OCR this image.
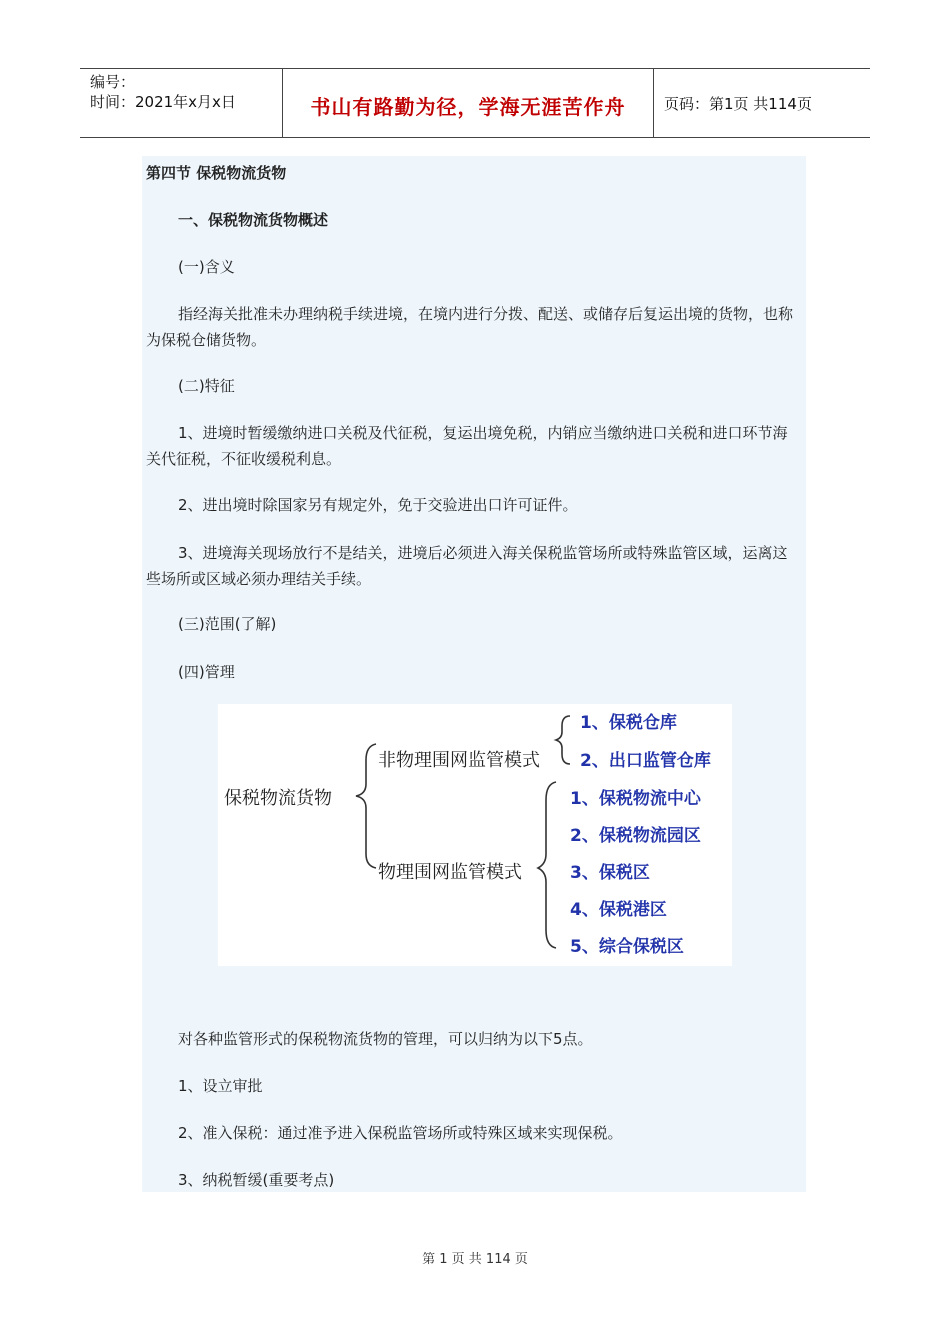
编号：
时间：2021年x月x日	书山有路勤为径，学海无涯苦作舟	页码：第1页 共114页
第四节 保税物流货物
一、保税物流货物概述
(一)含义
指经海关批准未办理纳税手续进境，在境内进行分拨、配送、或储存后复运出境的货物，也称为保税仓储货物。
(二)特征
1、进境时暂缓缴纳进口关税及代征税，复运出境免税，内销应当缴纳进口关税和进口环节海关代征税，不征收缓税利息。
2、进出境时除国家另有规定外，免于交验进出口许可证件。
3、进境海关现场放行不是结关，进境后必须进入海关保税监管场所或特殊监管区域，运离这些场所或区域必须办理结关手续。
(三)范围(了解)
(四)管理
保税物流货物
非物理围网监管模式
物理围网监管模式
1、保税仓库
2、出口监管仓库
1、保税物流中心
2、保税物流园区
3、保税区
4、保税港区
5、综合保税区
对各种监管形式的保税物流货物的管理，可以归纳为以下5点。
1、设立审批
2、准入保税：通过准予进入保税监管场所或特殊区域来实现保税。
3、纳税暂缓(重要考点)
第 1 页 共 114 页
